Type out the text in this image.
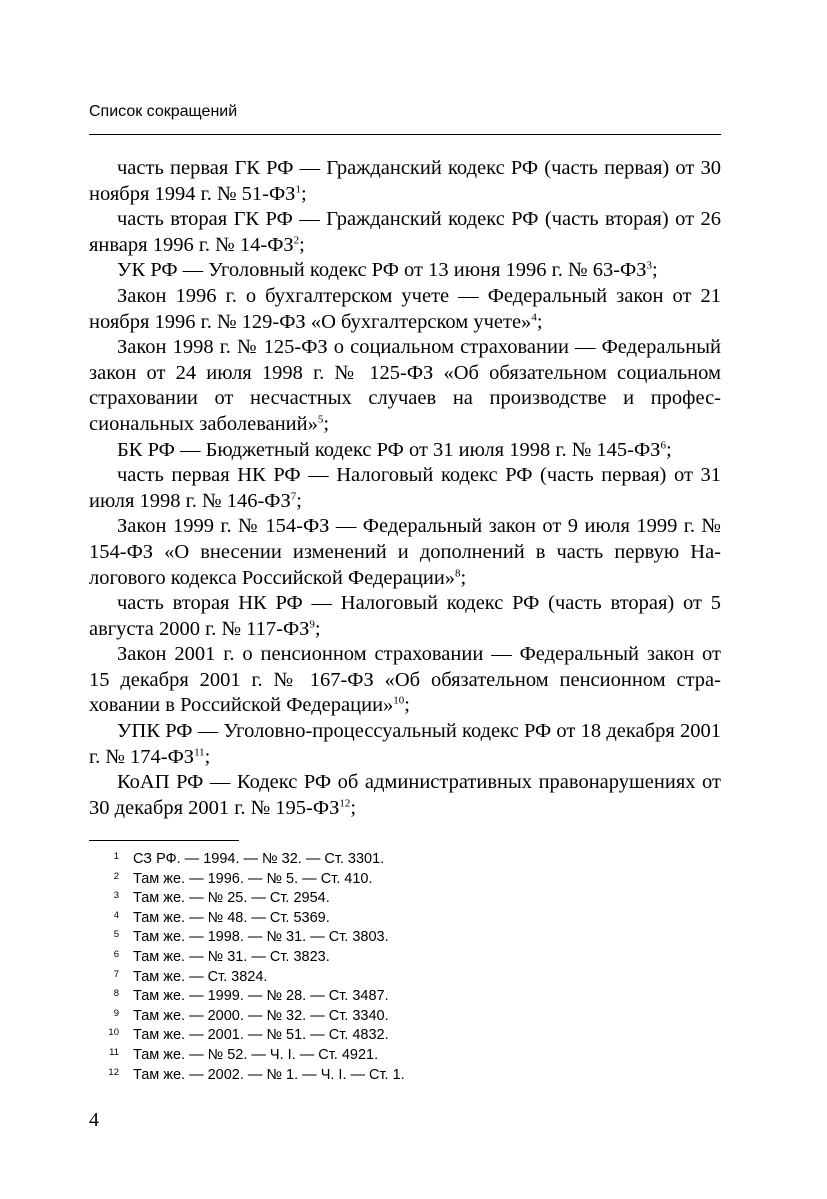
Список сокращений

часть первая ГК РФ — Гражданский кодекс РФ (часть первая) от 30 ноября 1994 г. № 51-ФЗ$^1$;

часть вторая ГК РФ — Гражданский кодекс РФ (часть вторая) от 26 января 1996 г. № 14-ФЗ$^2$;

УК РФ — Уголовный кодекс РФ от 13 июня 1996 г. № 63-ФЗ$^3$;

Закон 1996 г. о бухгалтерском учете — Федеральный закон от 21 ноября 1996 г. № 129-ФЗ «О бухгалтерском учете»$^4$;

Закон 1998 г. № 125-ФЗ о социальном страховании — Федеральный закон от 24 июля 1998 г. № 125-ФЗ «Об обязательном социальном страховании от несчастных случаев на производстве и профессиональных заболеваний»$^5$;

БК РФ — Бюджетный кодекс РФ от 31 июля 1998 г. № 145-ФЗ$^6$;

часть первая НК РФ — Налоговый кодекс РФ (часть первая) от 31 июля 1998 г. № 146-ФЗ$^7$;

Закон 1999 г. № 154-ФЗ — Федеральный закон от 9 июля 1999 г. № 154-ФЗ «О внесении изменений и дополнений в часть первую Налогового кодекса Российской Федерации»$^8$;

часть вторая НК РФ — Налоговый кодекс РФ (часть вторая) от 5 августа 2000 г. № 117-ФЗ$^9$;

Закон 2001 г. о пенсионном страховании — Федеральный закон от 15 декабря 2001 г. № 167-ФЗ «Об обязательном пенсионном страховании в Российской Федерации»$^{10}$;

УПК РФ — Уголовно-процессуальный кодекс РФ от 18 декабря 2001 г. № 174-ФЗ$^{11}$;

КоАП РФ — Кодекс РФ об административных правонарушениях от 30 декабря 2001 г. № 195-ФЗ$^{12}$;

1 СЗ РФ. — 1994. — № 32. — Ст. 3301.
2 Там же. — 1996. — № 5. — Ст. 410.
3 Там же. — № 25. — Ст. 2954.
4 Там же. — № 48. — Ст. 5369.
5 Там же. — 1998. — № 31. — Ст. 3803.
6 Там же. — № 31. — Ст. 3823.
7 Там же. — Ст. 3824.
8 Там же. — 1999. — № 28. — Ст. 3487.
9 Там же. — 2000. — № 32. — Ст. 3340.
10 Там же. — 2001. — № 51. — Ст. 4832.
11 Там же. — № 52. — Ч. I. — Ст. 4921.
12 Там же. — 2002. — № 1. — Ч. I. — Ст. 1.
4
